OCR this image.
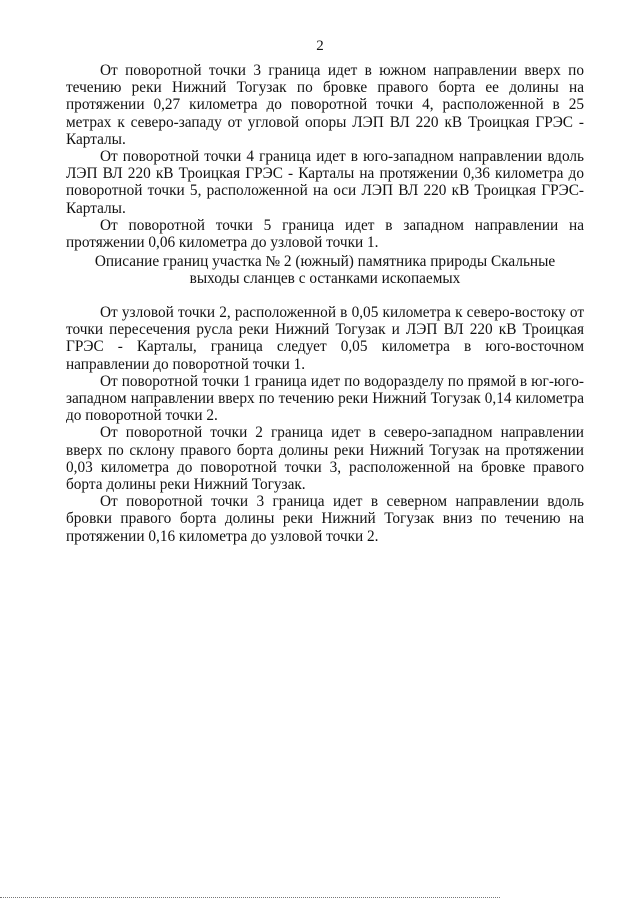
2

От поворотной точки 3 граница идет в южном направлении вверх по течению реки Нижний Тогузак по бровке правого борта ее долины на протяжении 0,27 километра до поворотной точки 4, расположенной в 25 метрах к северо-западу от угловой опоры ЛЭП ВЛ 220 кВ Троицкая ГРЭС - Карталы.

От поворотной точки 4 граница идет в юго-западном направлении вдоль ЛЭП ВЛ 220 кВ Троицкая ГРЭС - Карталы на протяжении 0,36 километра до поворотной точки 5, расположенной на оси ЛЭП ВЛ 220 кВ Троицкая ГРЭС-Карталы.

От поворотной точки 5 граница идет в западном направлении на протяжении 0,06 километра до узловой точки 1.

Описание границ участка № 2 (южный) памятника природы Скальные
выходы сланцев с останками ископаемых

От узловой точки 2, расположенной в 0,05 километра к северо-востоку от точки пересечения русла реки Нижний Тогузак и ЛЭП ВЛ 220 кВ Троицкая ГРЭС - Карталы, граница следует 0,05 километра в юго-восточном направлении до поворотной точки 1.

От поворотной точки 1 граница идет по водоразделу по прямой в юг-юго-западном направлении вверх по течению реки Нижний Тогузак 0,14 километра до поворотной точки 2.

От поворотной точки 2 граница идет в северо-западном направлении вверх по склону правого борта долины реки Нижний Тогузак на протяжении 0,03 километра до поворотной точки 3, расположенной на бровке правого борта долины реки Нижний Тогузак.

От поворотной точки 3 граница идет в северном направлении вдоль бровки правого борта долины реки Нижний Тогузак вниз по течению на протяжении 0,16 километра до узловой точки 2.
